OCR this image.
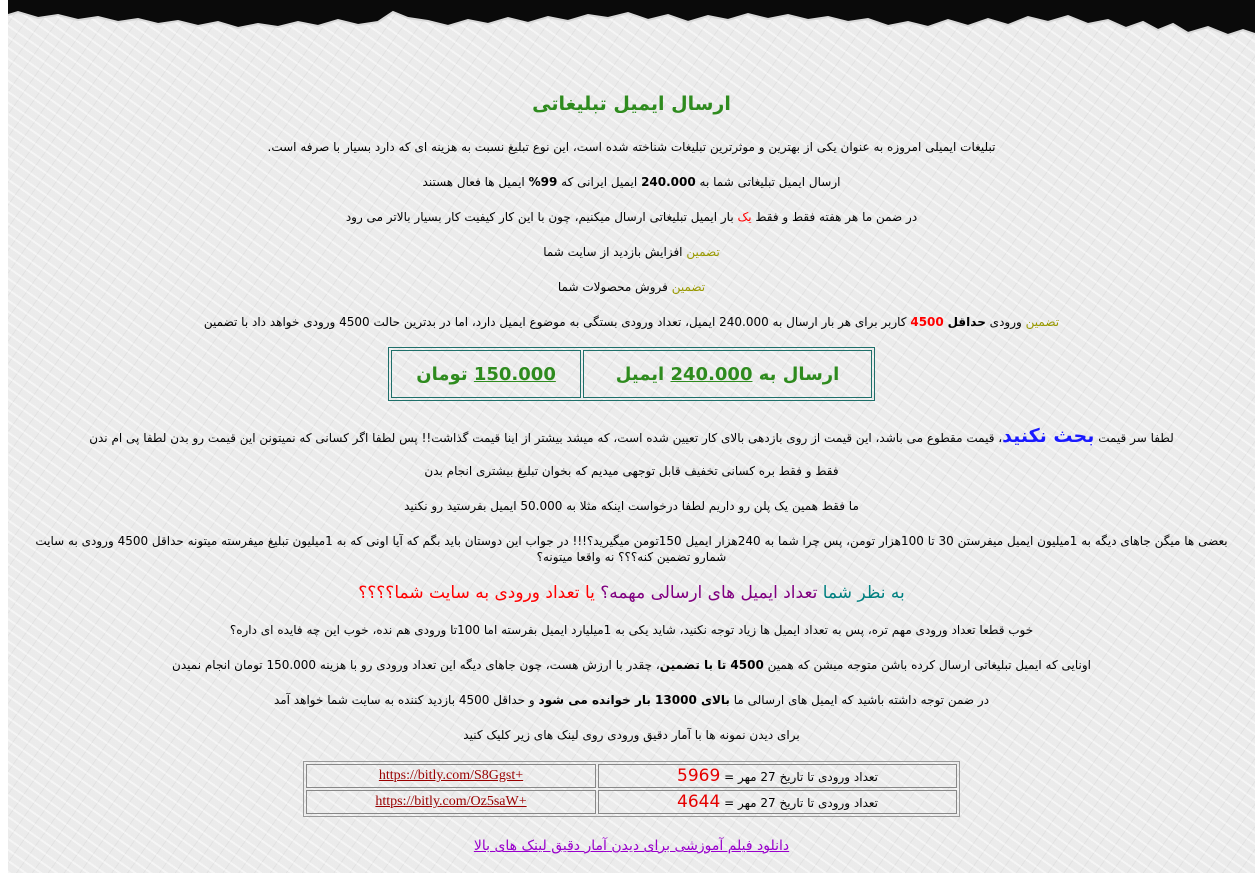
ارسال ایمیل تبلیغاتی
تبلیغات ایمیلی امروزه به عنوان یکی از بهترین و موثرترین تبلیغات شناخته شده است، این نوع تبلیغ نسبت به هزینه ای که دارد بسیار با صرفه است.
ارسال ایمیل تبلیغاتی شما به 240.000 ایمیل ایرانی که 99% ایمیل ها فعال هستند
در ضمن ما هر هفته فقط و فقط یک بار ایمیل تبلیغاتی ارسال میکنیم، چون با این کار کیفیت کار بسیار بالاتر می رود
تضمین افزایش بازدید از سایت شما
تضمین فروش محصولات شما
تضمین ورودی حداقل 4500 کاربر برای هر بار ارسال به 240.000 ایمیل، تعداد ورودی بستگی به موضوع ایمیل دارد، اما در بدترین حالت 4500 ورودی خواهد داد با تضمین
ارسال به 240.000 ایمیل	150.000 تومان
لطفا سر قیمت بحث نکنید، قیمت مقطوع می باشد، این قیمت از روی بازدهی بالای کار تعیین شده است، که میشد بیشتر از اینا قیمت گذاشت!! پس لطفا اگر کسانی که نمیتونن این قیمت رو بدن لطفا پی ام ندن
فقط و فقط بره کسانی تخفیف قابل توجهی میدیم که بخوان تبلیغ بیشتری انجام بدن
ما فقط همین یک پلن رو داریم لطفا درخواست اینکه مثلا به 50.000 ایمیل بفرستید رو نکنید
بعضی ها میگن جاهای دیگه به 1میلیون ایمیل میفرستن 30 تا 100هزار تومن، پس چرا شما به 240هزار ایمیل 150تومن میگیرید؟!!! در جواب این دوستان باید بگم که آیا اونی که به 1میلیون تبلیغ میفرسته میتونه حداقل 4500 ورودی به سایت شمارو تضمین کنه؟؟؟ نه واقعا میتونه؟
به نظر شما تعداد ایمیل های ارسالی مهمه؟ یا تعداد ورودی به سایت شما؟؟؟؟
خوب قطعا تعداد ورودی مهم تره، پس به تعداد ایمیل ها زیاد توجه نکنید، شاید یکی به 1میلیارد ایمیل بفرسته اما 100تا ورودی هم نده، خوب این چه فایده ای داره؟
اونایی که ایمیل تبلیغاتی ارسال کرده باشن متوجه میشن که همین 4500 تا با تضمین، چقدر با ارزش هست، چون جاهای دیگه این تعداد ورودی رو با هزینه 150.000 تومان انجام نمیدن
در ضمن توجه داشته باشید که ایمیل های ارسالی ما بالای 13000 بار خوانده می شود و حداقل 4500 بازدید کننده به سایت شما خواهد آمد
برای دیدن نمونه ها با آمار دقیق ورودی روی لینک های زیر کلیک کنید
تعداد ورودی تا تاریخ 27 مهر = 5969	https://bitly.com/S8Ggst+
تعداد ورودی تا تاریخ 27 مهر = 4644	https://bitly.com/Oz5saW+
دانلود فیلم آموزشی برای دیدن آمار دقیق لینک های بالا
